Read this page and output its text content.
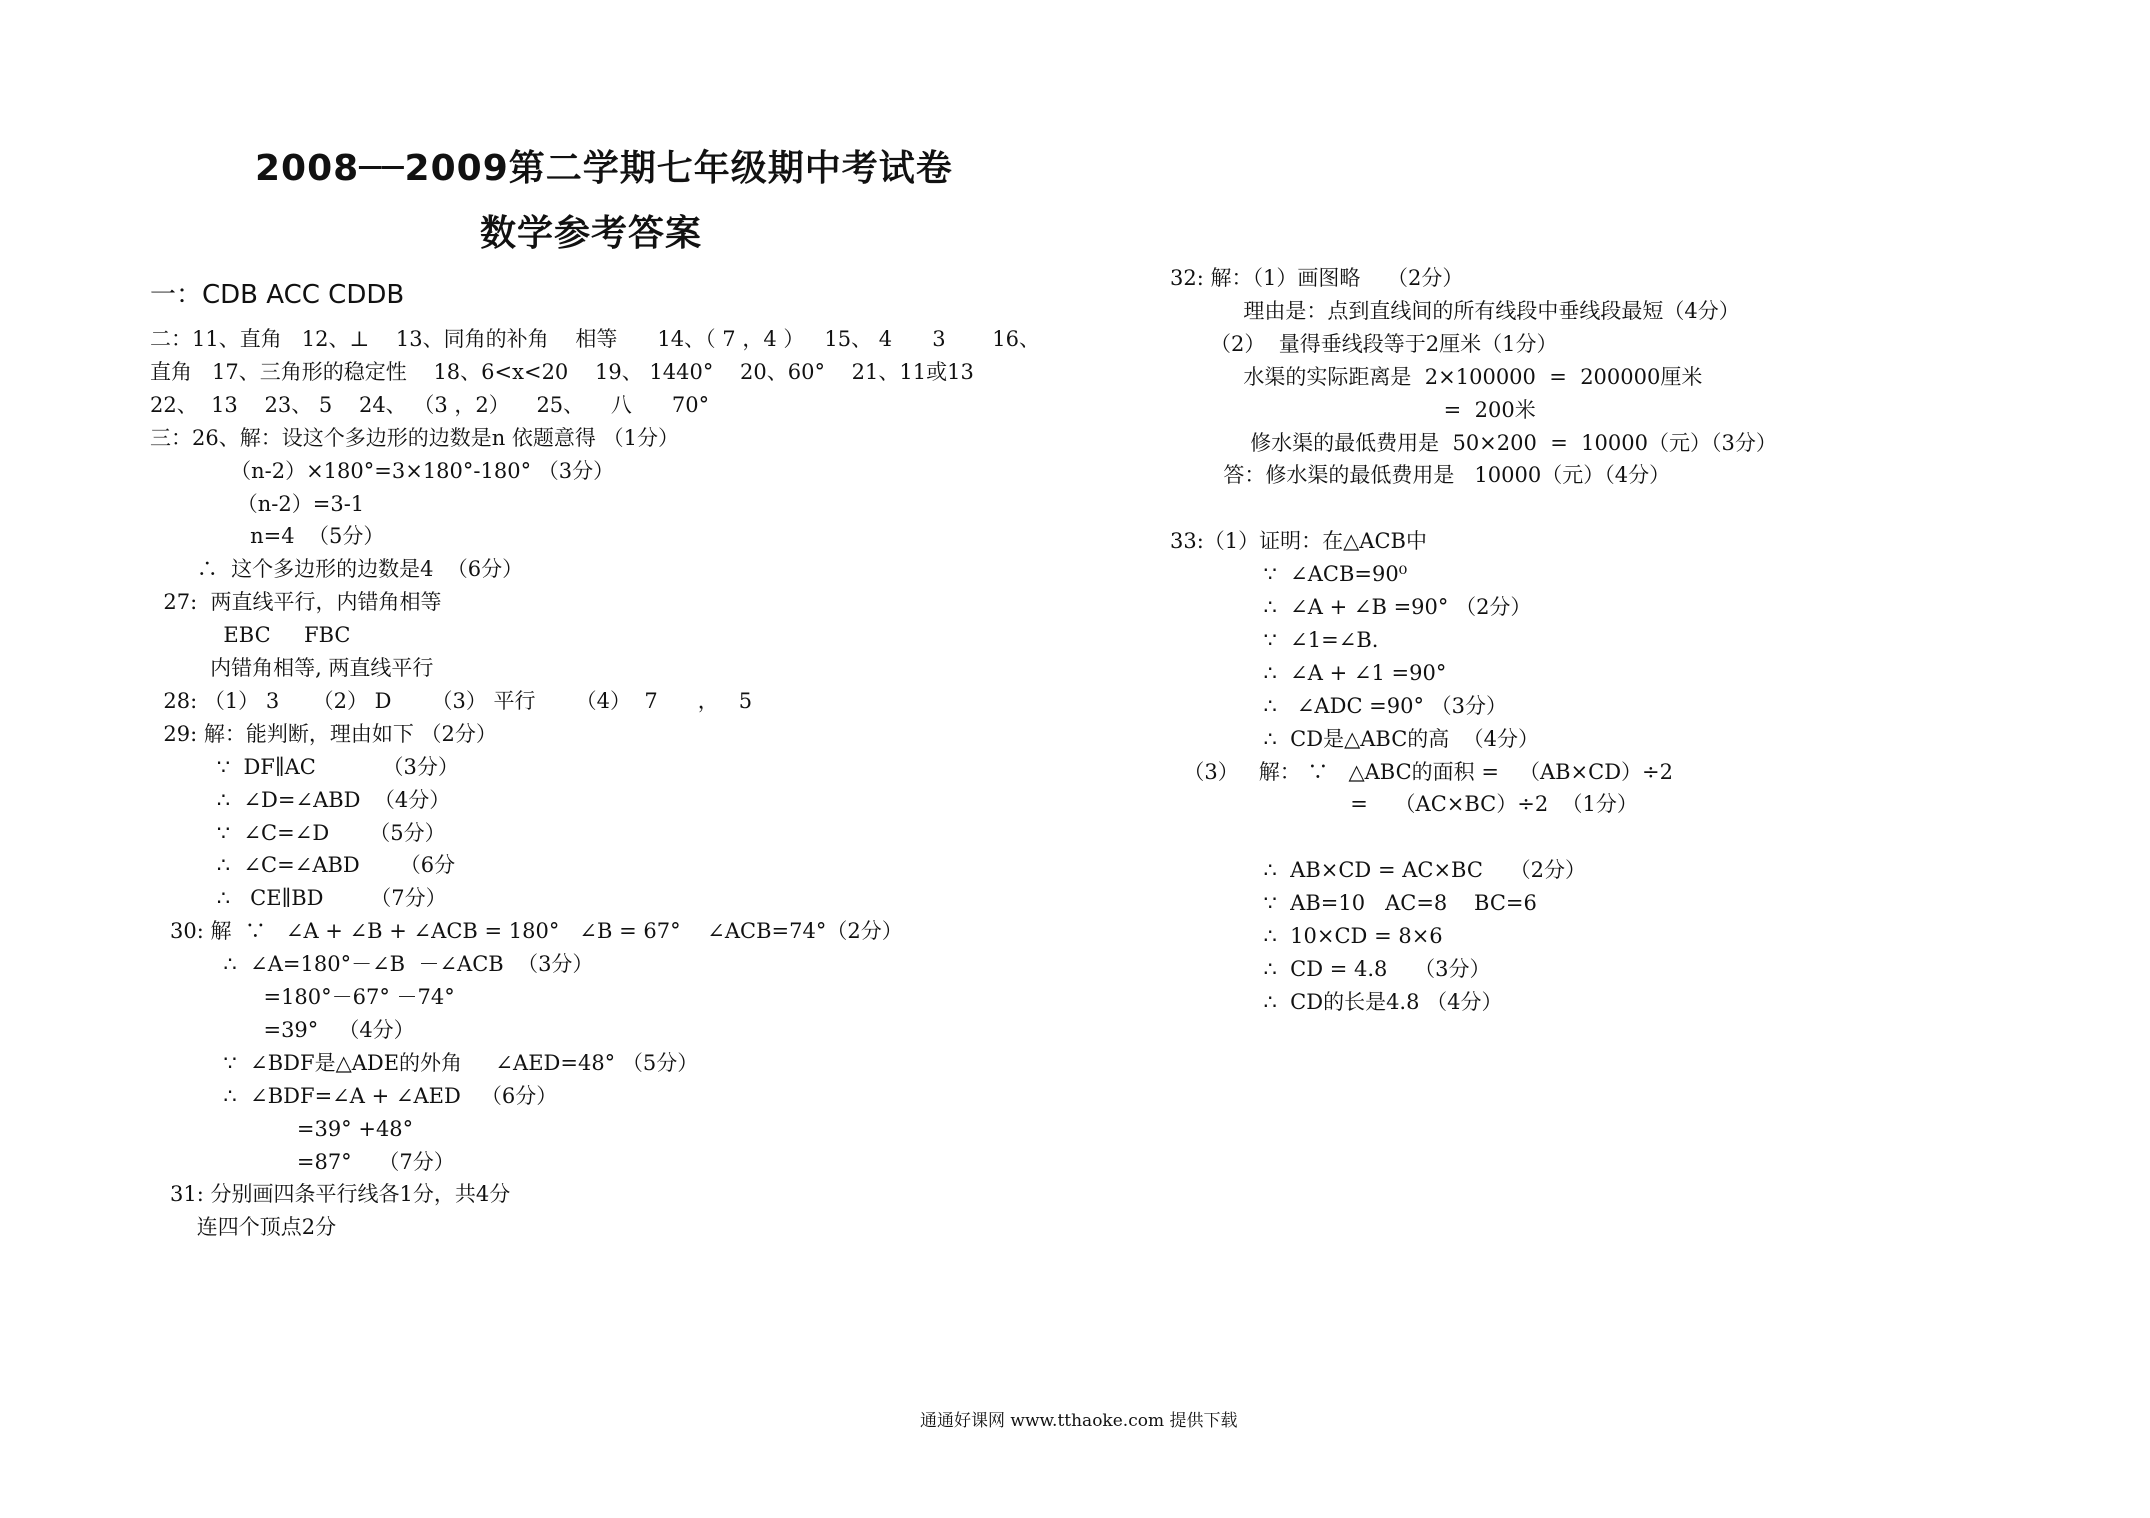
2008──2009第二学期七年级期中考试卷
数学参考答案
一：CDB ACC CDDB
二：11、直角   12、⊥    13、同角的补角    相等      14、（ 7 ，4 ）   15、 4      3       16、
直角   17、三角形的稳定性    18、6<x<20    19、 1440°    20、60°    21、11或13
22、  13    23、 5    24、 （3 ，2）    25、    八      70°
三：26、解：设这个多边形的边数是n 依题意得 （1分）
（n-2）×180°=3×180°-180° （3分）
（n-2）=3-1
n=4  （5分）
∴  这个多边形的边数是4  （6分）
27:  两直线平行，内错角相等
EBC     FBC
内错角相等, 两直线平行
28: （1） 3     （2） D      （3） 平行      （4）  7      ，   5
29: 解：能判断，理由如下 （2分）
∵  DF∥AC          （3分）
∴  ∠D=∠ABD  （4分）
∵  ∠C=∠D      （5分）
∴  ∠C=∠ABD      （6分
∴   CE∥BD       （7分）
30: 解  ∵   ∠A + ∠B + ∠ACB = 180°   ∠B = 67°    ∠ACB=74°（2分）
∴  ∠A=180°－∠B  －∠ACB  （3分）
=180°－67° －74°
=39°   （4分）
∵  ∠BDF是△ADE的外角     ∠AED=48° （5分）
∴  ∠BDF=∠A + ∠AED   （6分）
=39° +48°
=87°    （7分）
31: 分别画四条平行线各1分，共4分
连四个顶点2分
32: 解：（1）画图略    （2分）
理由是：点到直线间的所有线段中垂线段最短（4分）
（2）  量得垂线段等于2厘米（1分）
水渠的实际距离是  2×100000  =  200000厘米
=  200米
修水渠的最低费用是  50×200  =  10000（元）（3分）
答：修水渠的最低费用是   10000（元）（4分）
33:（1）证明：在△ACB中
∵  ∠ACB=90⁰
∴  ∠A + ∠B =90° （2分）
∵  ∠1=∠B.
∴  ∠A + ∠1 =90°
∴   ∠ADC =90° （3分）
∴  CD是△ABC的高  （4分）
（3）   解： ∵   △ABC的面积 =   （AB×CD）÷2
=    （AC×BC）÷2  （1分）
∴  AB×CD = AC×BC    （2分）
∵  AB=10   AC=8    BC=6
∴  10×CD = 8×6
∴  CD = 4.8    （3分）
∴  CD的长是4.8 （4分）
通通好课网 www.tthaoke.com 提供下载
